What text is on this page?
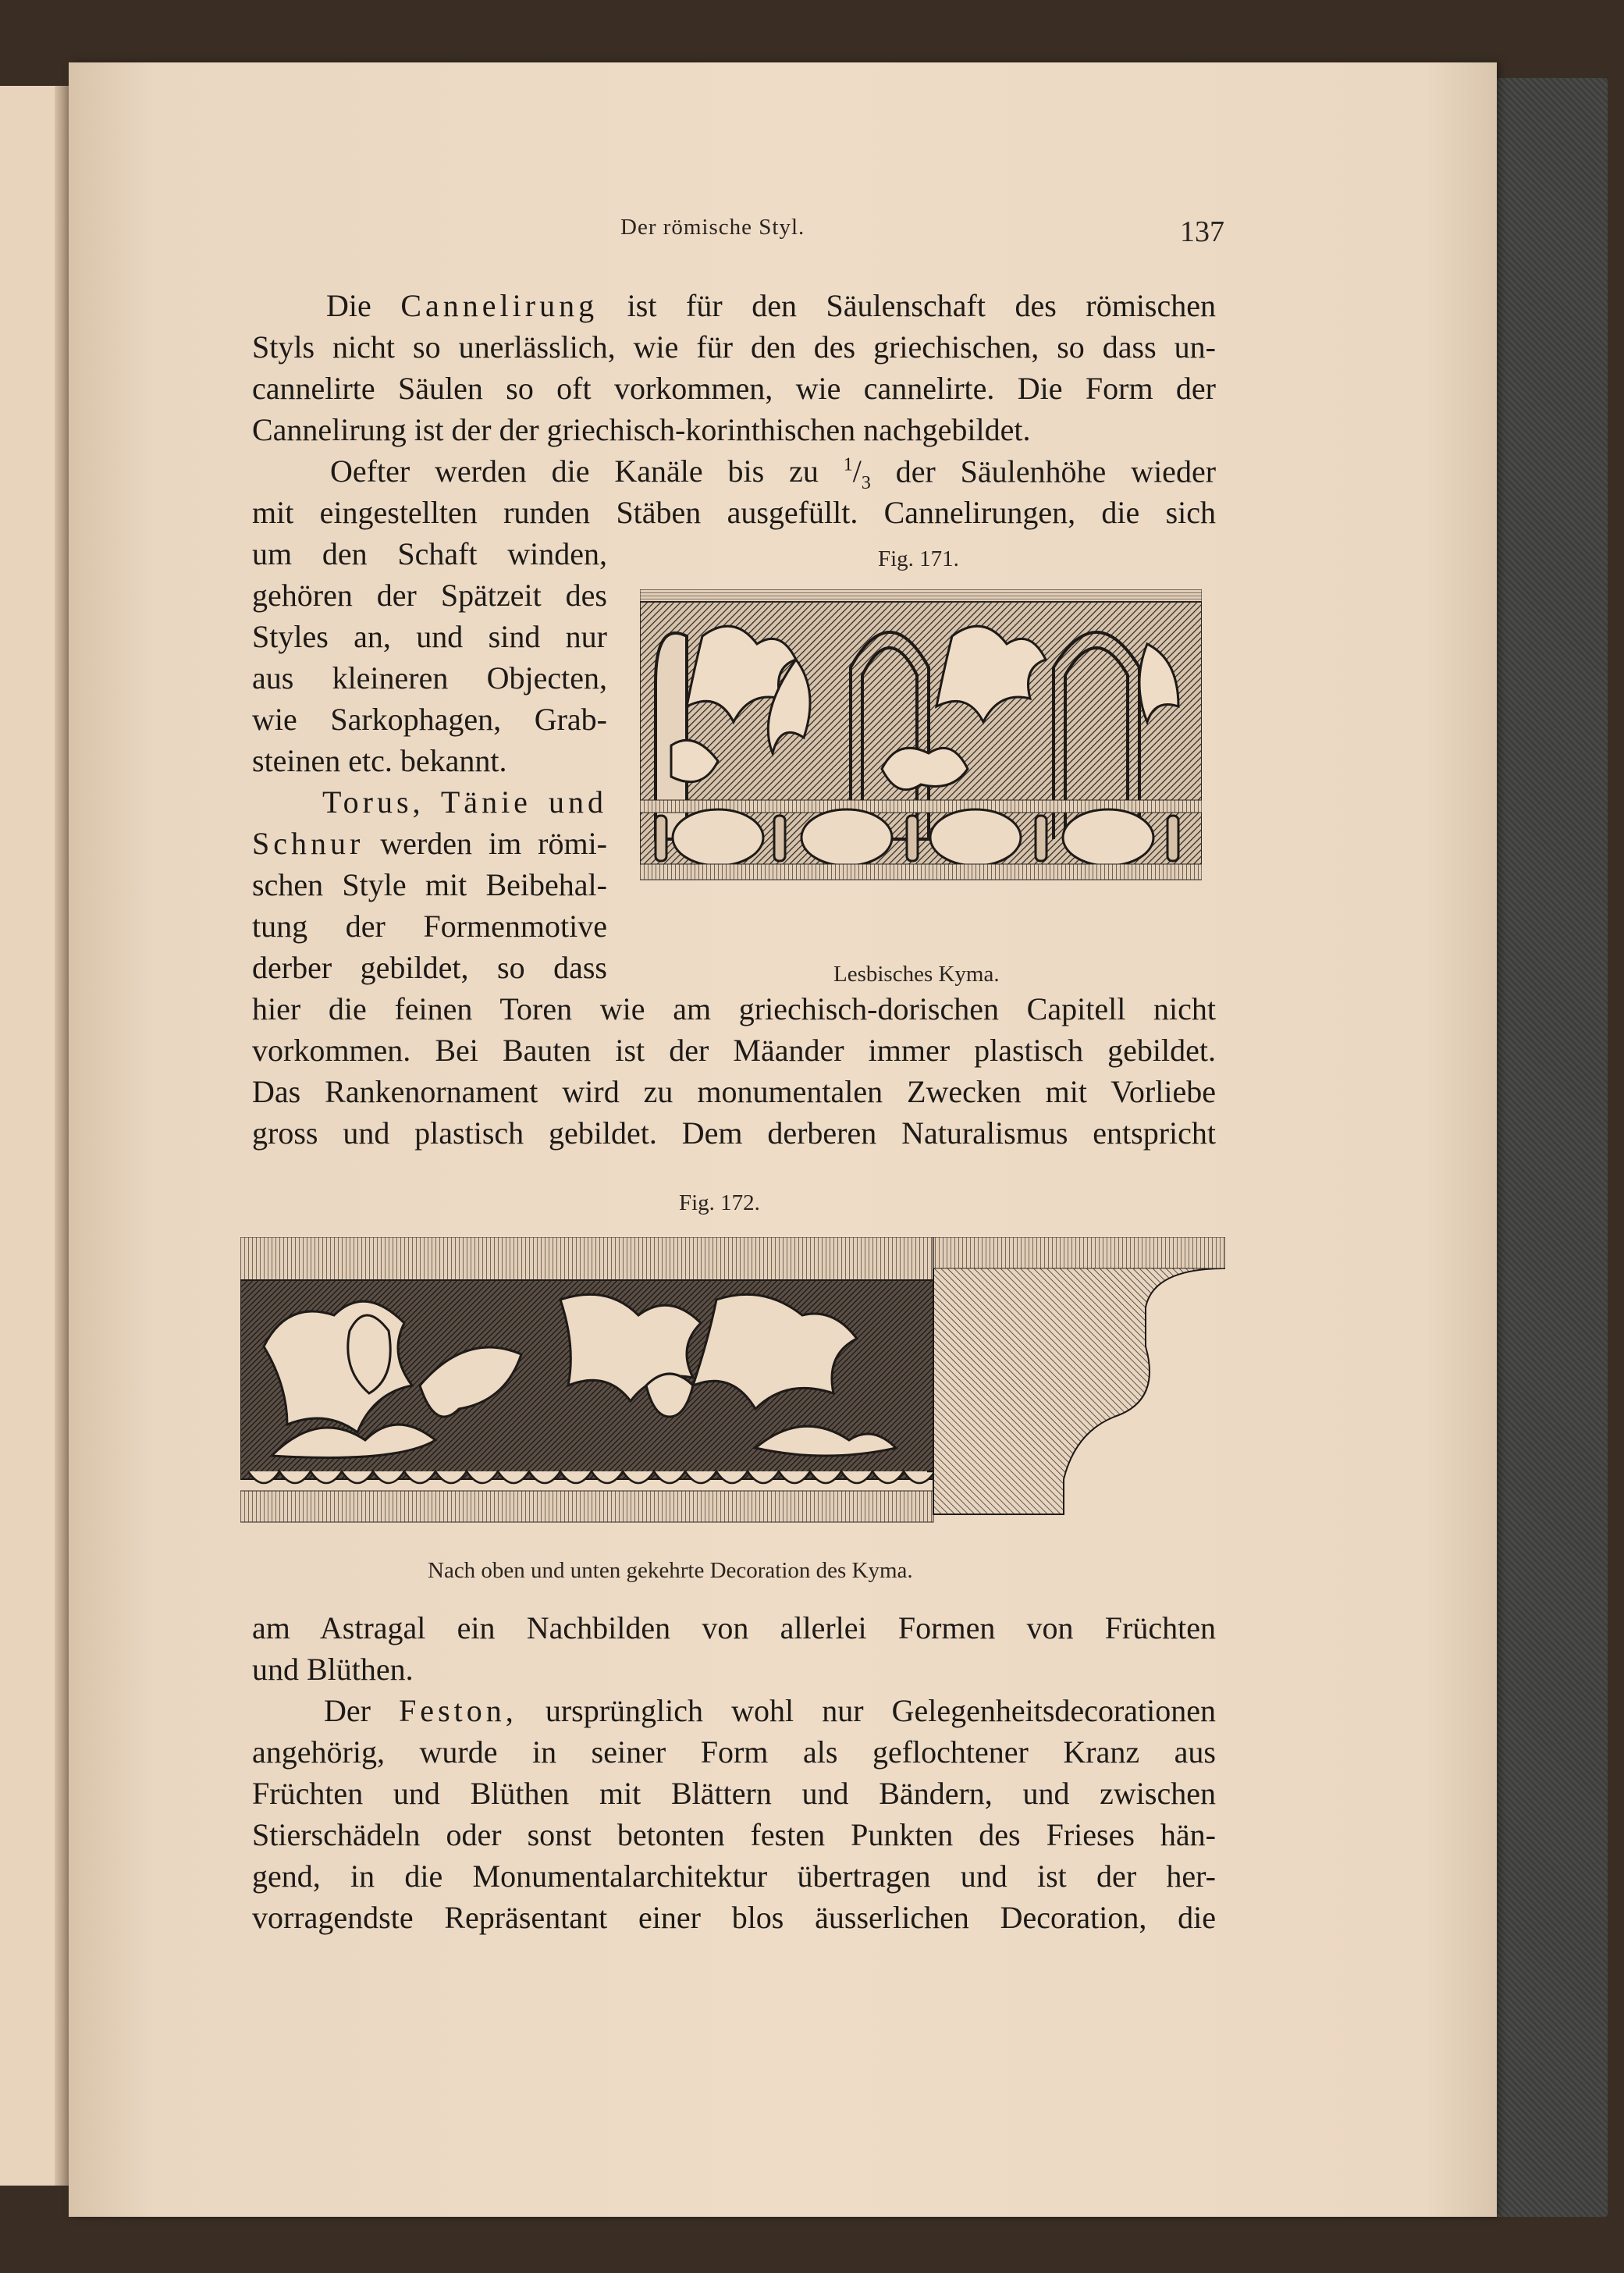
Der römische Styl.	137
Die Cannelirung ist für den Säulenschaft des römischen
Styls nicht so unerlässlich, wie für den des griechischen, so dass un-
cannelirte Säulen so oft vorkommen, wie cannelirte. Die Form der
Cannelirung ist der der griechisch-korinthischen nachgebildet.
Oefter werden die Kanäle bis zu $^1/_3$ der Säulenhöhe wieder
mit eingestellten runden Stäben ausgefüllt. Cannelirungen, die sich
um den Schaft winden,
gehören der Spätzeit des
Styles an, und sind nur
aus kleineren Objecten,
wie Sarkophagen, Grab-
steinen etc. bekannt.
Torus, Tänie und
Schnur werden im römi-
schen Style mit Beibehal-
tung der Formenmotive
derber gebildet, so dass
hier die feinen Toren wie am griechisch-dorischen Capitell nicht
vorkommen. Bei Bauten ist der Mäander immer plastisch gebildet.
Das Rankenornament wird zu monumentalen Zwecken mit Vorliebe
gross und plastisch gebildet. Dem derberen Naturalismus entspricht
Fig. 171.
Lesbisches Kyma.
Fig. 172.
Nach oben und unten gekehrte Decoration des Kyma.
am Astragal ein Nachbilden von allerlei Formen von Früchten
und Blüthen.
Der Feston, ursprünglich wohl nur Gelegenheitsdecorationen
angehörig, wurde in seiner Form als geflochtener Kranz aus
Früchten und Blüthen mit Blättern und Bändern, und zwischen
Stierschädeln oder sonst betonten festen Punkten des Frieses hän-
gend, in die Monumentalarchitektur übertragen und ist der her-
vorragendste Repräsentant einer blos äusserlichen Decoration, die
